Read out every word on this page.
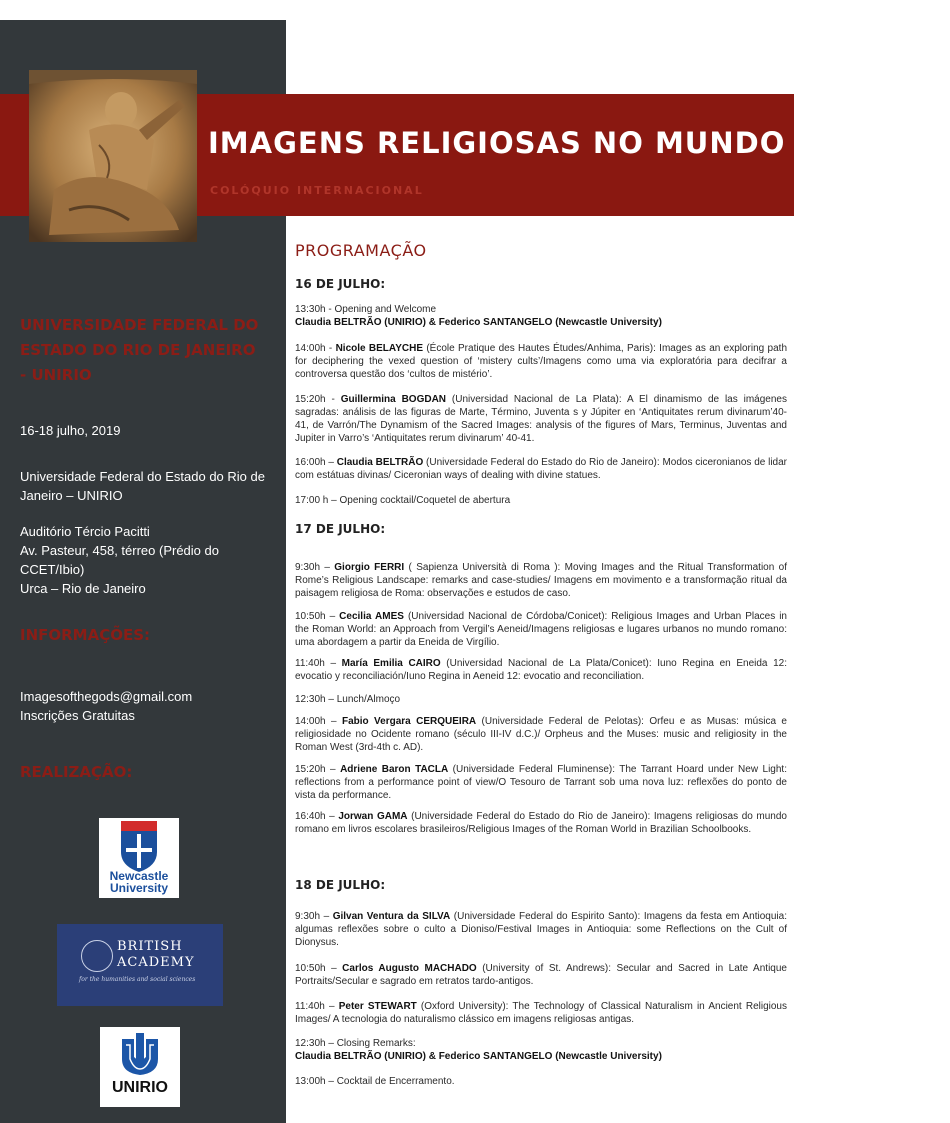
IMAGENS RELIGIOSAS NO MUNDO ROMANO
COLÓQUIO INTERNACIONAL
UNIVERSIDADE FEDERAL DO
ESTADO DO RIO DE JANEIRO
- UNIRIO
16-18 julho, 2019
Universidade Federal do Estado do Rio de
Janeiro – UNIRIO
Auditório Tércio Pacitti
Av. Pasteur, 458, térreo (Prédio do
CCET/Ibio)
Urca – Rio de Janeiro
INFORMAÇÕES:
Imagesofthegods@gmail.com
Inscrições Gratuitas
REALIZAÇÃO:
Newcastle
University
BRITISH
ACADEMY
for the humanities and social sciences
UNIRIO
PROGRAMAÇÃO
16 DE JULHO:
13:30h - Opening and Welcome
Claudia BELTRÃO (UNIRIO) & Federico SANTANGELO (Newcastle University)
14:00h - Nicole BELAYCHE (École Pratique des Hautes Études/Anhima, Paris): Images as an exploring path for deciphering the vexed question of ‘mistery cults’/Imagens como uma via exploratória para decifrar a controversa questão dos ‘cultos de mistério’.
15:20h - Guillermina BOGDAN (Universidad Nacional de La Plata): A El dinamismo de las imágenes sagradas: análisis de las figuras de Marte, Término, Juventa s y Júpiter en ‘Antiquitates rerum divinarum’40-41, de Varrón/The Dynamism of the Sacred Images: analysis of the figures of Mars, Terminus, Juventas and Jupiter in Varro’s ‘Antiquitates rerum divinarum’ 40-41.
16:00h – Claudia BELTRÃO (Universidade Federal do Estado do Rio de Janeiro): Modos ciceronianos de lidar com estátuas divinas/ Ciceronian ways of dealing with divine statues.
17:00 h – Opening cocktail/Coquetel de abertura
17 DE JULHO:
9:30h – Giorgio FERRI ( Sapienza Università di Roma ): Moving Images and the Ritual Transformation of Rome’s Religious Landscape: remarks and case-studies/ Imagens em movimento e a transformação ritual da paisagem religiosa de Roma: observações e estudos de caso.
10:50h – Cecilia AMES (Universidad Nacional de Córdoba/Conicet): Religious Images and Urban Places in the Roman World: an Approach from Vergil’s Aeneid/Imagens religiosas e lugares urbanos no mundo romano: uma abordagem a partir da Eneida de Virgílio.
11:40h – María Emilia CAIRO (Universidad Nacional de La Plata/Conicet): Iuno Regina en Eneida 12: evocatio y reconciliación/Iuno Regina in Aeneid 12: evocatio and reconciliation.
12:30h – Lunch/Almoço
14:00h – Fabio Vergara CERQUEIRA (Universidade Federal de Pelotas): Orfeu e as Musas: música e religiosidade no Ocidente romano (século III-IV d.C.)/ Orpheus and the Muses: music and religiosity in the Roman West (3rd-4th c. AD).
15:20h – Adriene Baron TACLA (Universidade Federal Fluminense): The Tarrant Hoard under New Light: reflections from a performance point of view/O Tesouro de Tarrant sob uma nova luz: reflexões do ponto de vista da performance.
16:40h – Jorwan GAMA (Universidade Federal do Estado do Rio de Janeiro): Imagens religiosas do mundo romano em livros escolares brasileiros/Religious Images of the Roman World in Brazilian Schoolbooks.
18 DE JULHO:
9:30h – Gilvan Ventura da SILVA (Universidade Federal do Espirito Santo): Imagens da festa em Antioquia: algumas reflexões sobre o culto a Dioniso/Festival Images in Antioquia: some Reflections on the Cult of Dionysus.
10:50h – Carlos Augusto MACHADO (University of St. Andrews): Secular and Sacred in Late Antique Portraits/Secular e sagrado em retratos tardo-antigos.
11:40h – Peter STEWART (Oxford University): The Technology of Classical Naturalism in Ancient Religious Images/ A tecnologia do naturalismo clássico em imagens religiosas antigas.
12:30h – Closing Remarks:
Claudia BELTRÃO (UNIRIO) & Federico SANTANGELO (Newcastle University)
13:00h – Cocktail de Encerramento.
